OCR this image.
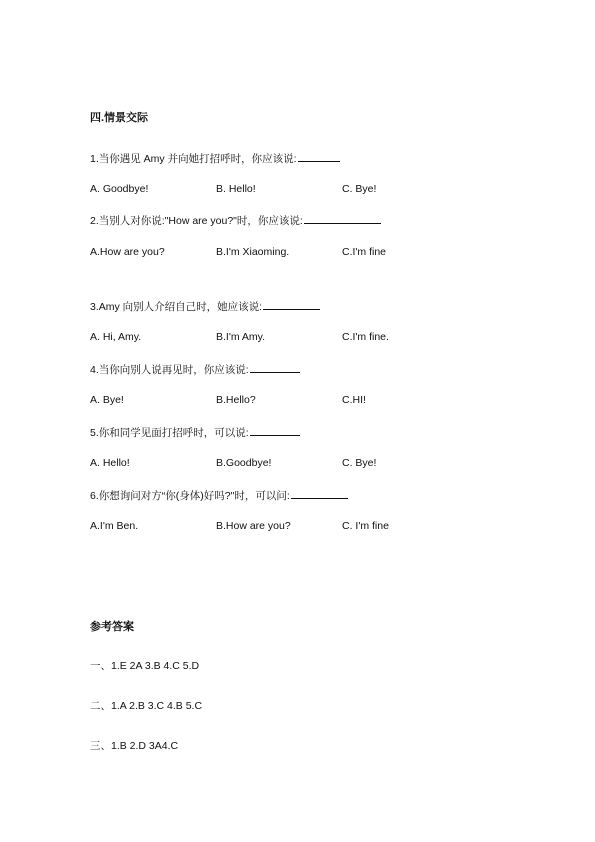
四.情景交际
1.当你遇见 Amy 并向她打招呼时，你应该说:
A. Goodbye!	B. Hello!	C. Bye!
2.当别人对你说:"How are you?"时，你应该说:
A.How are you?	B.I'm Xiaoming.	C.I'm fine
3.Amy 向别人介绍自己时，她应该说:
A. Hi, Amy.	B.I'm Amy.	C.I'm fine.
4.当你向别人说再见时，你应该说:
A. Bye!	B.Hello?	C.HI!
5.你和同学见面打招呼时，可以说:
A. Hello!	B.Goodbye!	C. Bye!
6.你想询问对方“你(身体)好吗?"时，可以问:
A.I'm Ben.	B.How are you?	C. I'm fine
参考答案
一、1.E 2A 3.B 4.C 5.D
二、1.A 2.B 3.C 4.B 5.C
三、1.B 2.D 3A4.C
